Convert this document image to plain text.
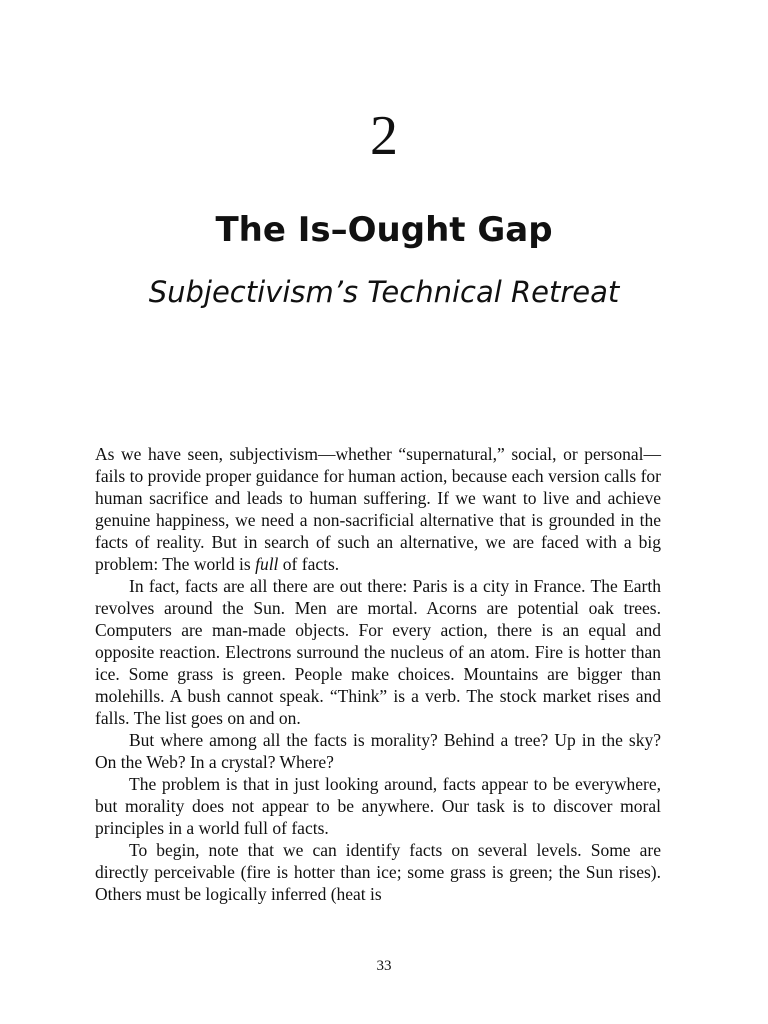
2
The Is–Ought Gap
Subjectivism’s Technical Retreat

As we have seen, subjectivism—whether “supernatural,” social, or personal—fails to provide proper guidance for human action, because each version calls for human sacrifice and leads to human suffering. If we want to live and achieve genuine happiness, we need a non-sacrificial alternative that is grounded in the facts of reality. But in search of such an alternative, we are faced with a big problem: The world is full of facts.

In fact, facts are all there are out there: Paris is a city in France. The Earth revolves around the Sun. Men are mortal. Acorns are potential oak trees. Computers are man-made objects. For every action, there is an equal and opposite reaction. Electrons surround the nucleus of an atom. Fire is hotter than ice. Some grass is green. People make choices. Mountains are bigger than molehills. A bush cannot speak. “Think” is a verb. The stock market rises and falls. The list goes on and on.

But where among all the facts is morality? Behind a tree? Up in the sky? On the Web? In a crystal? Where?

The problem is that in just looking around, facts appear to be everywhere, but morality does not appear to be anywhere. Our task is to discover moral principles in a world full of facts.

To begin, note that we can identify facts on several levels. Some are directly perceivable (fire is hotter than ice; some grass is green; the Sun rises). Others must be logically inferred (heat is

33
